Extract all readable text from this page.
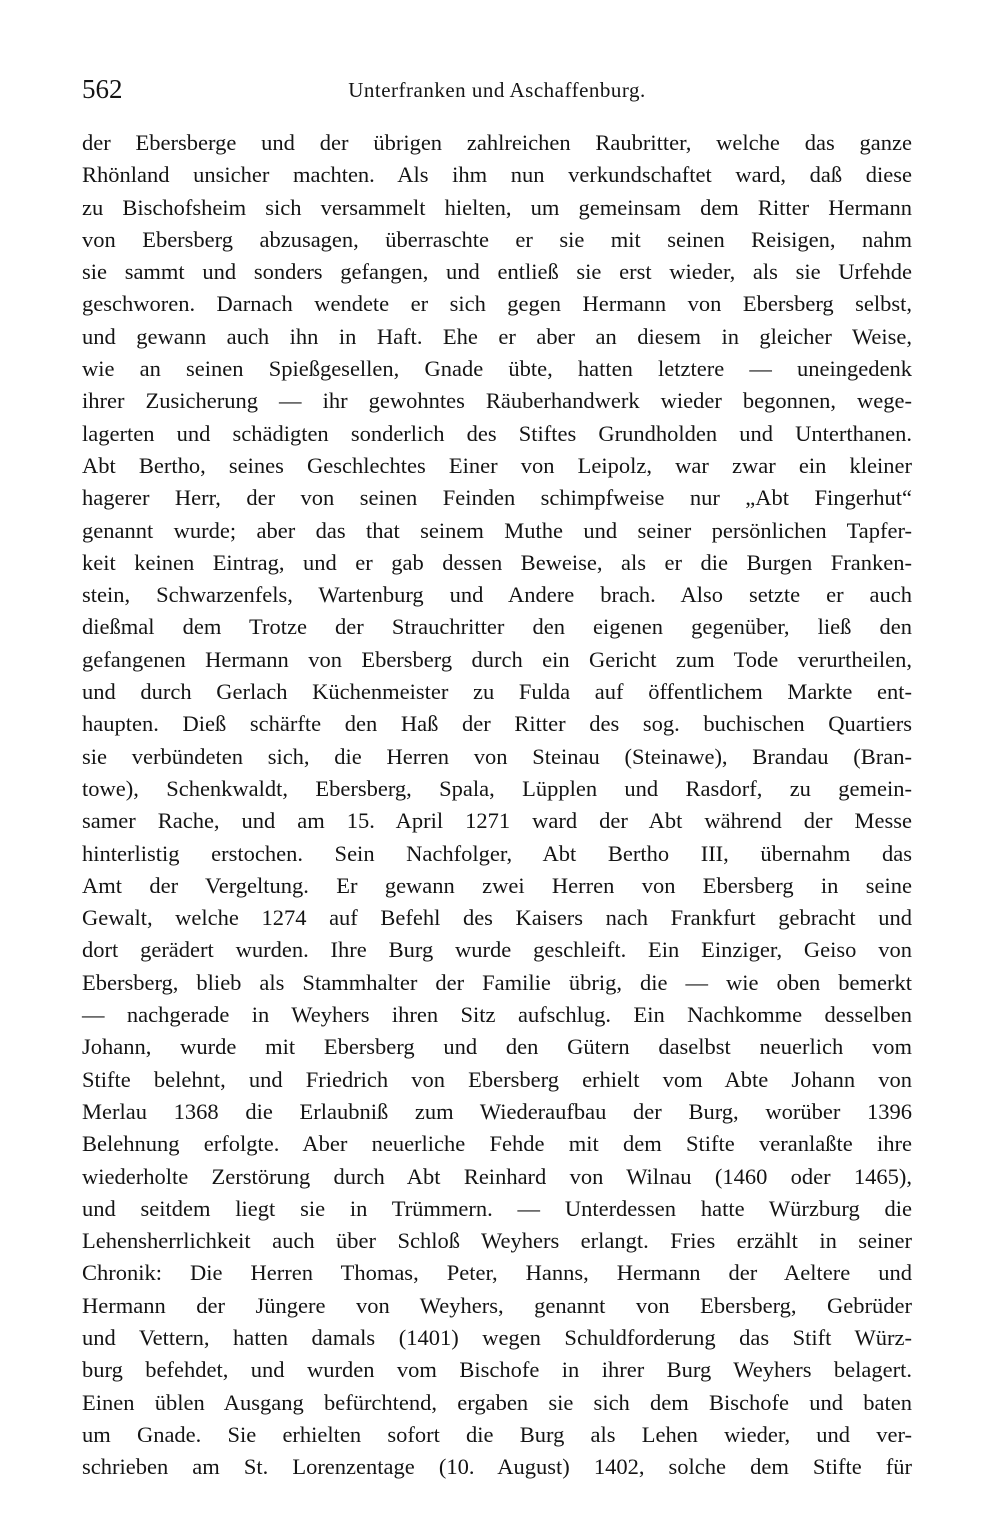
562	Unterfranken und Aschaffenburg.
der Ebersberge und der übrigen zahlreichen Raubritter, welche das ganze
Rhönland unsicher machten. Als ihm nun verkundschaftet ward, daß diese
zu Bischofsheim sich versammelt hielten, um gemeinsam dem Ritter Hermann
von Ebersberg abzusagen, überraschte er sie mit seinen Reisigen, nahm
sie sammt und sonders gefangen, und entließ sie erst wieder, als sie Urfehde
geschworen. Darnach wendete er sich gegen Hermann von Ebersberg selbst,
und gewann auch ihn in Haft. Ehe er aber an diesem in gleicher Weise,
wie an seinen Spießgesellen, Gnade übte, hatten letztere — uneingedenk
ihrer Zusicherung — ihr gewohntes Räuberhandwerk wieder begonnen, wege-
lagerten und schädigten sonderlich des Stiftes Grundholden und Unterthanen.
Abt Bertho, seines Geschlechtes Einer von Leipolz, war zwar ein kleiner
hagerer Herr, der von seinen Feinden schimpfweise nur „Abt Fingerhut“
genannt wurde; aber das that seinem Muthe und seiner persönlichen Tapfer-
keit keinen Eintrag, und er gab dessen Beweise, als er die Burgen Franken-
stein, Schwarzenfels, Wartenburg und Andere brach. Also setzte er auch
dießmal dem Trotze der Strauchritter den eigenen gegenüber, ließ den
gefangenen Hermann von Ebersberg durch ein Gericht zum Tode verurtheilen,
und durch Gerlach Küchenmeister zu Fulda auf öffentlichem Markte ent-
haupten. Dieß schärfte den Haß der Ritter des sog. buchischen Quartiers
sie verbündeten sich, die Herren von Steinau (Steinawe), Brandau (Bran-
towe), Schenkwaldt, Ebersberg, Spala, Lüpplen und Rasdorf, zu gemein-
samer Rache, und am 15. April 1271 ward der Abt während der Messe
hinterlistig erstochen. Sein Nachfolger, Abt Bertho III, übernahm das
Amt der Vergeltung. Er gewann zwei Herren von Ebersberg in seine
Gewalt, welche 1274 auf Befehl des Kaisers nach Frankfurt gebracht und
dort gerädert wurden. Ihre Burg wurde geschleift. Ein Einziger, Geiso von
Ebersberg, blieb als Stammhalter der Familie übrig, die — wie oben bemerkt
— nachgerade in Weyhers ihren Sitz aufschlug. Ein Nachkomme desselben
Johann, wurde mit Ebersberg und den Gütern daselbst neuerlich vom
Stifte belehnt, und Friedrich von Ebersberg erhielt vom Abte Johann von
Merlau 1368 die Erlaubniß zum Wiederaufbau der Burg, worüber 1396
Belehnung erfolgte. Aber neuerliche Fehde mit dem Stifte veranlaßte ihre
wiederholte Zerstörung durch Abt Reinhard von Wilnau (1460 oder 1465),
und seitdem liegt sie in Trümmern. — Unterdessen hatte Würzburg die
Lehensherrlichkeit auch über Schloß Weyhers erlangt. Fries erzählt in seiner
Chronik: Die Herren Thomas, Peter, Hanns, Hermann der Aeltere und
Hermann der Jüngere von Weyhers, genannt von Ebersberg, Gebrüder
und Vettern, hatten damals (1401) wegen Schuldforderung das Stift Würz-
burg befehdet, und wurden vom Bischofe in ihrer Burg Weyhers belagert.
Einen üblen Ausgang befürchtend, ergaben sie sich dem Bischofe und baten
um Gnade. Sie erhielten sofort die Burg als Lehen wieder, und ver-
schrieben am St. Lorenzentage (10. August) 1402, solche dem Stifte für
